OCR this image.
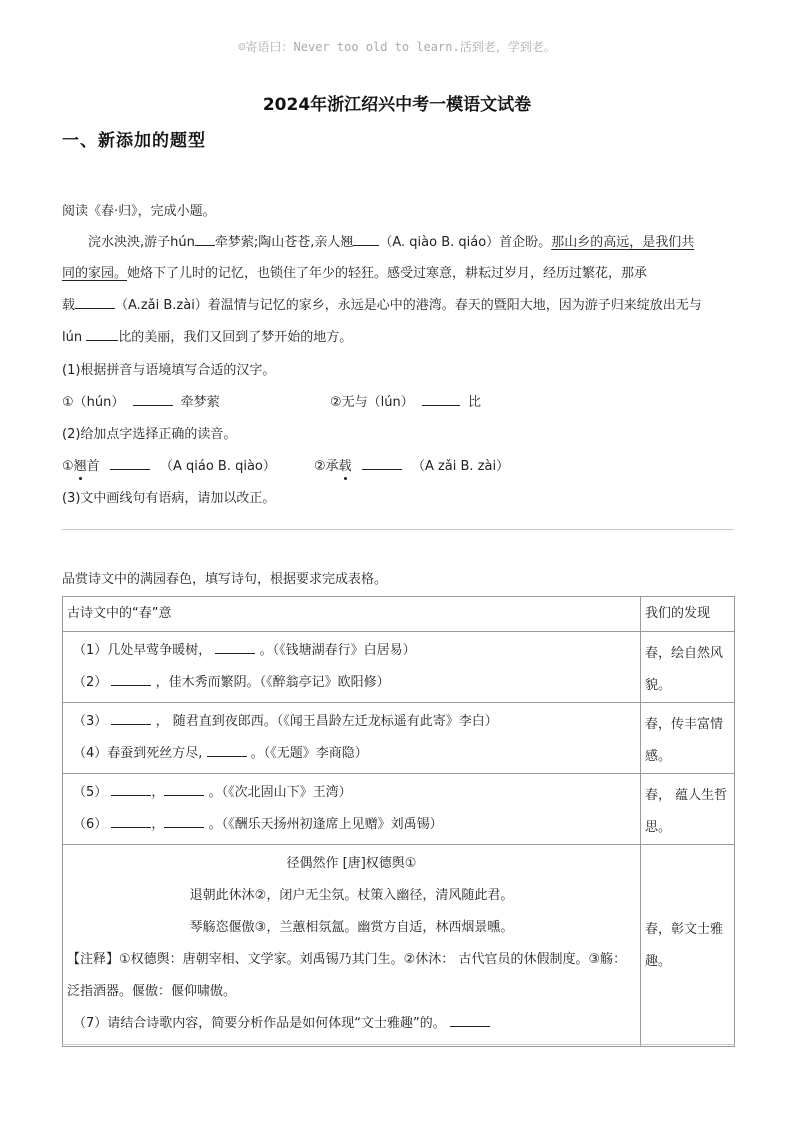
☺寄语曰：Never too old to learn.活到老，学到老。
2024年浙江绍兴中考一模语文试卷
一、新添加的题型
阅读《春·归》，完成小题。
浣水泱泱,游子hún 牵梦萦;陶山苍苍,亲人翘 （A. qiào B. qiáo）首企盼。那山乡的高远，是我们共
同的家园。她烙下了儿时的记忆，也锁住了年少的轻狂。感受过寒意，耕耘过岁月，经历过繁花，那承
载	（A.zǎi B.zài）着温情与记忆的家乡，永远是心中的港湾。春天的暨阳大地，因为游子归来绽放出无与
lún 比的美丽，我们又回到了梦开始的地方。
(1)根据拼音与语境填写合适的汉字。
①（hún）	牵梦萦	②无与（lún）	比
(2)给加点字选择正确的读音。
①翘首	（A qiáo B. qiào）	②承载	（A zǎi B. zài）
(3)文中画线句有语病，请加以改正。
品赏诗文中的满园春色，填写诗句，根据要求完成表格。
古诗文中的“春”意	我们的发现

（1）几处早莺争暖树， 。（《钱塘湖春行》白居易）
（2） ，佳木秀而繁阴。（《醉翁亭记》欧阳修）	春，绘自然风貌。

（3） ， 随君直到夜郎西。（《闻王昌龄左迁龙标遥有此寄》李白）
（4）春蚕到死丝方尽, 。（《无题》李商隐）	春，传丰富情感。

（5） ， 。（《次北固山下》王湾）
（6） ， 。（《酬乐天扬州初逢席上见赠》刘禹锡）	春， 蕴人生哲思。

径偶然作 [唐]权德舆①
退朝此休沐②，闭户无尘氛。杖策入幽径，清风随此君。
琴觞恣偃傲③，兰蕙相氛氲。幽赏方自适，林西烟景曛。
【注释】①权德舆：唐朝宰相、文学家。刘禹锡乃其门生。②休沐： 古代官员的休假制度。③觞：泛指酒器。偃傲：偃仰啸傲。
（7）请结合诗歌内容，简要分析作品是如何体现“文士雅趣”的。	春，彰文士雅趣。
